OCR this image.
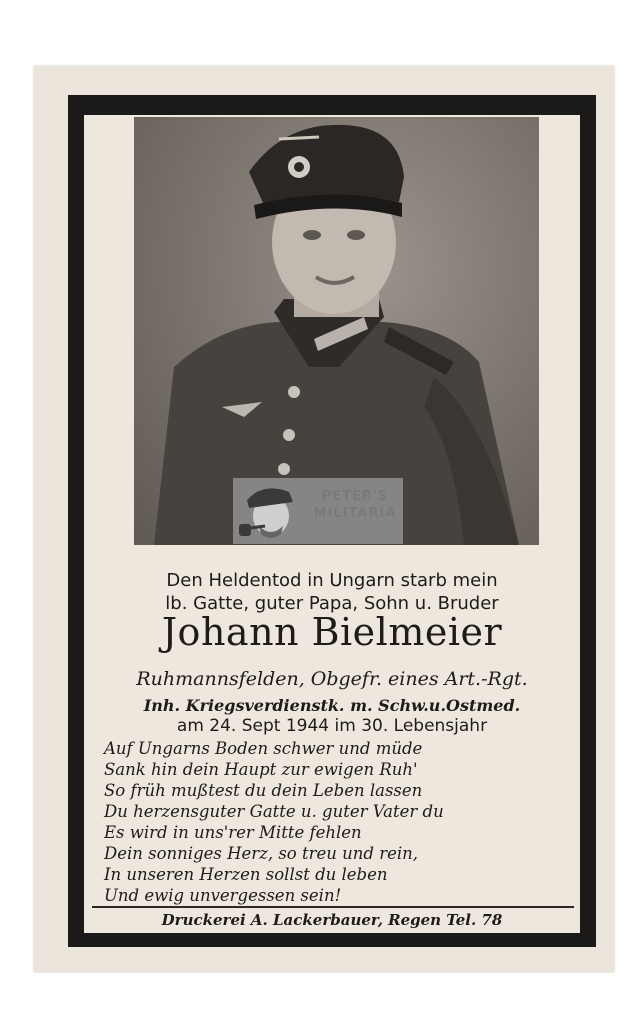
PETER'S
MILITARIA
Den Heldentod in Ungarn starb mein
lb. Gatte, guter Papa, Sohn u. Bruder
Johann Bielmeier
Ruhmannsfelden, Obgefr. eines Art.-Rgt.
Inh. Kriegsverdienstk. m. Schw.u.Ostmed.
am 24. Sept 1944 im 30. Lebensjahr
Auf Ungarns Boden schwer und müde
Sank hin dein Haupt zur ewigen Ruh'
So früh mußtest du dein Leben lassen
Du herzensguter Gatte u. guter Vater du
Es wird in uns'rer Mitte fehlen
Dein sonniges Herz, so treu und rein,
In unseren Herzen sollst du leben
Und ewig unvergessen sein!
Druckerei A. Lackerbauer, Regen Tel. 78
